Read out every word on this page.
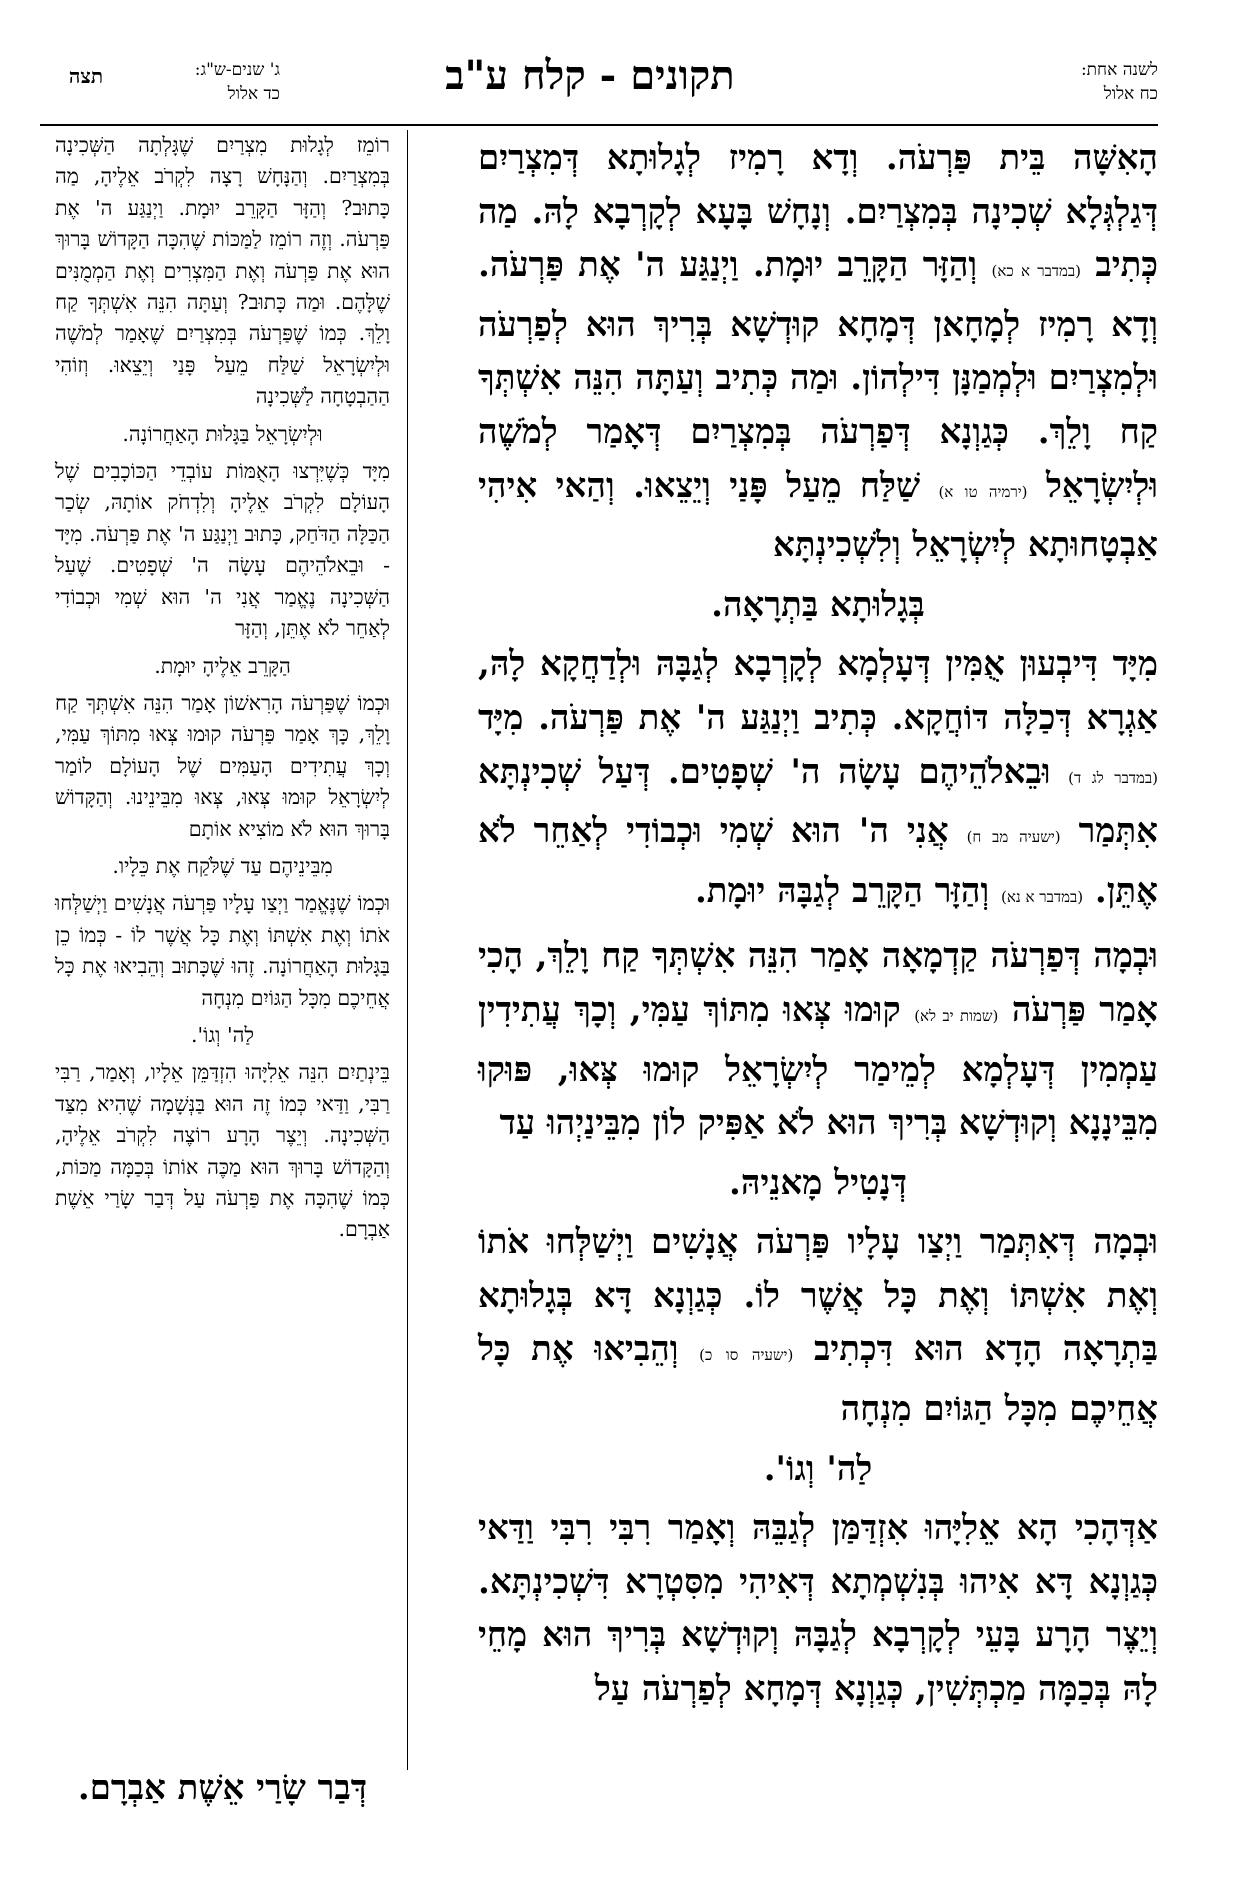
לשנה אחת:
כח אלול
תקונים - קלח ע"ב
ג' שנים-ש"ג:
כד אלול
תצה

הָאִשָּׁה בֵּית פַּרְעֹה. וְדָא רָמִיז לְגָלוּתָא דְּמִצְרַיִם דְּגַלְגְּלָא שְׁכִינָה בְּמִצְרַיִם. וְנָחָשׁ בָּעָא לְקָרְבָא לָהּ. מַה כְּתִיב (במדבר א כא) וְהַזָּר הַקָּרֵב יוּמָת. וַיְנַגַּע ה' אֶת פַּרְעֹה. וְדָא רָמִיז לְמָחָאן דְּמָחָא קוּדְשָׁא בְּרִיךְ הוּא לְפַרְעֹה וּלְמִצְרַיִם וּלְמְמַנָּן דִּילְהוֹן. וּמַה כְּתִיב וְעַתָּה הִנֵּה אִשְׁתְּךָ קַח וָלֵךְ. כְּגַוְנָא דְּפַרְעֹה בְּמִצְרַיִם דְּאָמַר לְמֹשֶׁה וּלְיִשְׂרָאֵל (ירמיה טו א) שַׁלַּח מֵעַל פָּנַי וְיֵצֵאוּ. וְהַאי אִיהִי אַבְטָחוּתָא לְיִשְׂרָאֵל וְלִשְׁכִינְתָּא

בְּגָלוּתָא בַּתְרָאָה.

מִיָּד דִּיבְעוּן אֻמִּין דְּעָלְמָא לְקָרְבָא לְגַבָּהּ וּלְדַחֲקָא לָהּ, אַגְרָא דְּכַלָּה דּוֹחֲקָא. כְּתִיב וַיְנַגַּע ה' אֶת פַּרְעֹה. מִיָּד (במדבר לג ד) וּבֵאלֹהֵיהֶם עָשָׂה ה' שְׁפָטִים. דְּעַל שְׁכִינְתָּא אִתְּמַר (ישעיה מב ח) אֲנִי ה' הוּא שְׁמִי וּכְבוֹדִי לְאַחֵר לֹא אֶתֵּן. (במדבר א נא) וְהַזָּר הַקָּרֵב לְגַבָּהּ יוּמָת.

וּבְמָה דְּפַרְעֹה קַדְמָאָה אָמַר הִנֵּה אִשְׁתְּךָ קַח וָלֵךְ, הָכִי אָמַר פַּרְעֹה (שמות יב לא) קוּמוּ צְּאוּ מִתּוֹךְ עַמִּי, וְכָךְ עֲתִידִין עַמְמִין דְּעָלְמָא לְמֵימַר לְיִשְׂרָאֵל קוּמוּ צְּאוּ, פּוּקוּ מִבֵּינָנָא וְקוּדְשָׁא בְּרִיךְ הוּא לֹא אַפִּיק לוֹן מִבֵּינַיְהוּ עַד

דְּנָטִיל מָאנֵיהּ.

וּבְמָה דְּאִתְּמַר וַיְצַו עָלָיו פַּרְעֹה אֲנָשִׁים וַיְשַׁלְּחוּ אֹתוֹ וְאֶת אִשְׁתּוֹ וְאֶת כָּל אֲשֶׁר לוֹ. כְּגַוְנָא דָּא בְּגָלוּתָא בַּתְרָאָה הָדָא הוּא דִּכְתִיב (ישעיה סו כ) וְהֵבִיאוּ אֶת כָּל אֲחֵיכֶם מִכָּל הַגּוֹיִם מִנְחָה

לַה' וְגוֹ'.

אַדְּהָכִי הָא אֵלִיָּהוּ אִזְדַּמַּן לְגַבֵּהּ וְאָמַר רִבִּי רִבִּי וַדַּאי כְּגַוְנָא דָּא אִיהוּ בְּנִשְׁמְתָא דְּאִיהִי מִסִּטְרָא דִּשְׁכִינְתָּא. וְיֵצֶר הָרָע בָּעֵי לְקָרְבָא לְגַבָּהּ וְקוּדְשָׁא בְּרִיךְ הוּא מָחֵי לָהּ בְּכַמָּה מַכְתְּשִׁין, כְּגַוְנָא דְּמָחָא לְפַרְעֹה עַל

רוֹמֵז לְגָלוּת מִצְרַיִם שֶׁגָּלְתָה הַשְּׁכִינָה בְּמִצְרַיִם. וְהַנָּחָשׁ רָצָה לִקְרֹב אֵלֶיהָ, מַה כָּתוּב? וְהַזָּר הַקָּרֵב יוּמָת. וַיְנַגַּע ה' אֶת פַּרְעֹה. וְזֶה רוֹמֵז לַמַּכּוֹת שֶׁהִכָּה הַקָּדוֹשׁ בָּרוּךְ הוּא אֶת פַּרְעֹה וְאֶת הַמִּצְרִים וְאֶת הַמְמֻנִּים שֶׁלָּהֶם. וּמַה כָּתוּב? וְעַתָּה הִנֵּה אִשְׁתְּךָ קַח וָלֵךְ. כְּמוֹ שֶׁפַּרְעֹה בְּמִצְרַיִם שֶׁאָמַר לְמֹשֶׁה וּלְיִשְׂרָאֵל שַׁלַּח מֵעַל פָּנַי וְיֵצֵאוּ. וְזוֹהִי הַהַבְטָחָה לַשְּׁכִינָה

וּלְיִשְׂרָאֵל בַּגָּלוּת הָאַחֲרוֹנָה.

מִיָּד כְּשֶׁיִּרְצוּ הָאֻמּוֹת עוֹבְדֵי הַכּוֹכָבִים שֶׁל הָעוֹלָם לִקְרֹב אֵלֶיהָ וְלִדְחֹק אוֹתָהּ, שְׂכַר הַכַּלָּה הַדֹּחַק, כָּתוּב וַיְנַגַּע ה' אֶת פַּרְעֹה. מִיָּד - וּבֵאלֹהֵיהֶם עָשָׂה ה' שְׁפָטִים. שֶׁעַל הַשְּׁכִינָה נֶאֱמַר אֲנִי ה' הוּא שְׁמִי וּכְבוֹדִי לְאַחֵר לֹא אֶתֵּן, וְהַזָּר

הַקָּרֵב אֵלֶיהָ יוּמָת.

וּכְמוֹ שֶׁפַּרְעֹה הָרִאשׁוֹן אָמַר הִנֵּה אִשְׁתְּךָ קַח וָלֵךְ, כָּךְ אָמַר פַּרְעֹה קוּמוּ צְּאוּ מִתּוֹךְ עַמִּי, וְכָךְ עֲתִידִים הָעַמִּים שֶׁל הָעוֹלָם לוֹמַר לְיִשְׂרָאֵל קוּמוּ צְּאוּ, צְּאוּ מִבֵּינֵינוּ. וְהַקָּדוֹשׁ בָּרוּךְ הוּא לֹא מוֹצִיא אוֹתָם

מִבֵּינֵיהֶם עַד שֶׁלֹּקַח אֶת כֵּלָיו.

וּכְמוֹ שֶׁנֶּאֱמַר וַיְצַו עָלָיו פַּרְעֹה אֲנָשִׁים וַיְשַׁלְּחוּ אֹתוֹ וְאֶת אִשְׁתּוֹ וְאֶת כָּל אֲשֶׁר לוֹ - כְּמוֹ כֵן בַּגָּלוּת הָאַחֲרוֹנָה. זֶהוּ שֶׁכָּתוּב וְהֵבִיאוּ אֶת כָּל אֲחֵיכֶם מִכָּל הַגּוֹיִם מִנְחָה

לַה' וְגוֹ'.

בֵּינְתַיִם הִנֵּה אֵלִיָּהוּ הִזְדַּמֵּן אֵלָיו, וְאָמַר, רַבִּי רַבִּי, וַדַּאי כְּמוֹ זֶה הוּא בַּנְּשָׁמָה שֶׁהִיא מִצַּד הַשְּׁכִינָה. וְיֵצֶר הָרָע רוֹצֶה לִקְרֹב אֵלֶיהָ, וְהַקָּדוֹשׁ בָּרוּךְ הוּא מַכֶּה אוֹתוֹ בְּכַמָּה מַכּוֹת, כְּמוֹ שֶׁהִכָּה אֶת פַּרְעֹה עַל דְּבַר שָׂרַי אֵשֶׁת אַבְרָם.

דְּבַר שָׂרַי אֵשֶׁת אַבְרָם.
